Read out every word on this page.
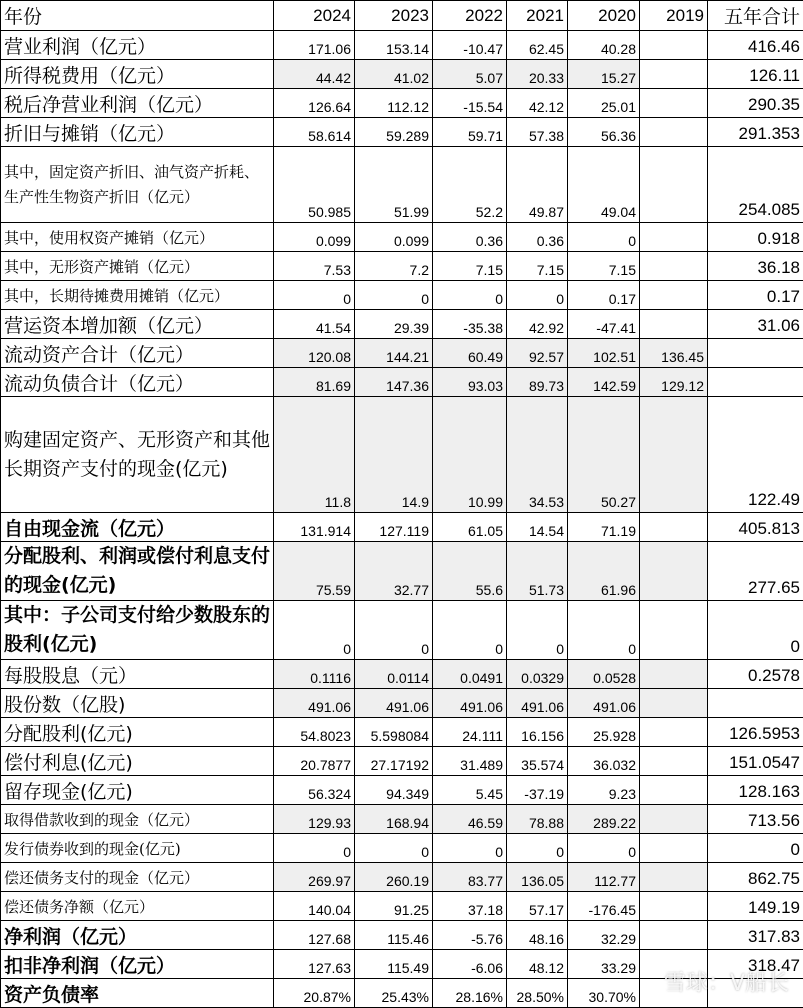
年份	2024	2023	2022	2021	2020	2019	五年合计
营业利润（亿元）	171.06	153.14	-10.47	62.45	40.28		416.46
所得税费用（亿元）	44.42	41.02	5.07	20.33	15.27		126.11
税后净营业利润（亿元）	126.64	112.12	-15.54	42.12	25.01		290.35
折旧与摊销（亿元）	58.614	59.289	59.71	57.38	56.36		291.353
其中，固定资产折旧、油气资产折耗、生产性生物资产折旧（亿元）	50.985	51.99	52.2	49.87	49.04		254.085
其中，使用权资产摊销（亿元）	0.099	0.099	0.36	0.36	0		0.918
其中，无形资产摊销（亿元）	7.53	7.2	7.15	7.15	7.15		36.18
其中，长期待摊费用摊销（亿元）	0	0	0	0	0.17		0.17
营运资本增加额（亿元）	41.54	29.39	-35.38	42.92	-47.41		31.06
流动资产合计（亿元）	120.08	144.21	60.49	92.57	102.51	136.45	
流动负债合计（亿元）	81.69	147.36	93.03	89.73	142.59	129.12	
购建固定资产、无形资产和其他长期资产支付的现金(亿元)	11.8	14.9	10.99	34.53	50.27		122.49
自由现金流（亿元）	131.914	127.119	61.05	14.54	71.19		405.813
分配股利、利润或偿付利息支付的现金(亿元)	75.59	32.77	55.6	51.73	61.96		277.65
其中：子公司支付给少数股东的股利(亿元)	0	0	0	0	0		0
每股股息（元）	0.1116	0.0114	0.0491	0.0329	0.0528		0.2578
股份数（亿股)	491.06	491.06	491.06	491.06	491.06		
分配股利(亿元)	54.8023	5.598084	24.111	16.156	25.928		126.5953
偿付利息(亿元)	20.7877	27.17192	31.489	35.574	36.032		151.0547
留存现金(亿元)	56.324	94.349	5.45	-37.19	9.23		128.163
取得借款收到的现金（亿元）	129.93	168.94	46.59	78.88	289.22		713.56
发行债券收到的现金(亿元)	0	0	0	0	0		0
偿还债务支付的现金（亿元）	269.97	260.19	83.77	136.05	112.77		862.75
偿还债务净额（亿元）	140.04	91.25	37.18	57.17	-176.45		149.19
净利润（亿元）	127.68	115.46	-5.76	48.16	32.29		317.83
扣非净利润（亿元）	127.63	115.49	-6.06	48.12	33.29		318.47
资产负债率	20.87%	25.43%	28.16%	28.50%	30.70%		
雪球：V船长
